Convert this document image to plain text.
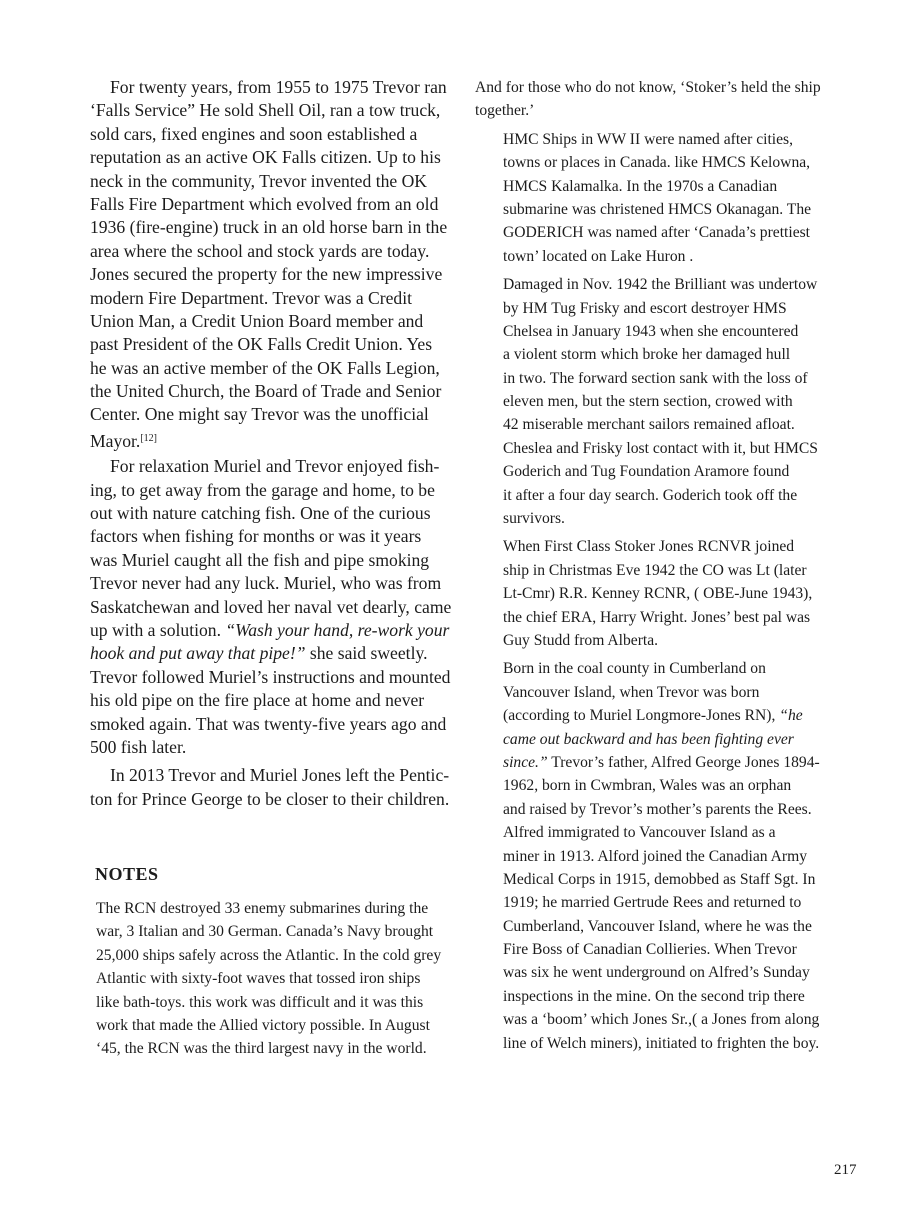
For twenty years, from 1955 to 1975 Trevor ran
‘Falls Service” He sold Shell Oil, ran a tow truck,
sold cars, fixed engines and soon established a
reputation as an active OK Falls citizen. Up to his
neck in the community, Trevor invented the OK
Falls Fire Department which evolved from an old
1936 (fire-engine) truck in an old horse barn in the
area where the school and stock yards are today.
Jones secured the property for the new impressive
modern Fire Department. Trevor was a Credit
Union Man, a Credit Union Board member and
past President of the OK Falls Credit Union. Yes
he was an active member of the OK Falls Legion,
the United Church, the Board of Trade and Senior
Center. One might say Trevor was the unofficial
Mayor.[12]
For relaxation Muriel and Trevor enjoyed fish-
ing, to get away from the garage and home, to be
out with nature catching fish. One of the curious
factors when fishing for months or was it years
was Muriel caught all the fish and pipe smoking
Trevor never had any luck. Muriel, who was from
Saskatchewan and loved her naval vet dearly, came
up with a solution. “Wash your hand, re-work your
hook and put away that pipe!” she said sweetly.
Trevor followed Muriel’s instructions and mounted
his old pipe on the fire place at home and never
smoked again. That was twenty-five years ago and
500 fish later.
In 2013 Trevor and Muriel Jones left the Pentic-
ton for Prince George to be closer to their children.
NOTES
The RCN destroyed 33 enemy submarines during the
war, 3 Italian and 30 German. Canada’s Navy brought
25,000 ships safely across the Atlantic. In the cold grey
Atlantic with sixty-foot waves that tossed iron ships
like bath-toys. this work was difficult and it was this
work that made the Allied victory possible. In August
‘45, the RCN was the third largest navy in the world.
And for those who do not know, ‘Stoker’s held the ship
together.’
HMC Ships in WW II were named after cities,
towns or places in Canada. like HMCS Kelowna,
HMCS Kalamalka. In the 1970s a Canadian
submarine was christened HMCS Okanagan. The
GODERICH was named after ‘Canada’s prettiest
town’ located on Lake Huron .
Damaged in Nov. 1942 the Brilliant was undertow
by HM Tug Frisky and escort destroyer HMS
Chelsea in January 1943 when she encountered
a violent storm which broke her damaged hull
in two. The forward section sank with the loss of
eleven men, but the stern section, crowed with
42 miserable merchant sailors remained afloat.
Cheslea and Frisky lost contact with it, but HMCS
Goderich and Tug Foundation Aramore found
it after a four day search. Goderich took off the
survivors.
When First Class Stoker Jones RCNVR joined
ship in Christmas Eve 1942 the CO was Lt (later
Lt-Cmr) R.R. Kenney RCNR, ( OBE-June 1943),
the chief ERA, Harry Wright. Jones’ best pal was
Guy Studd from Alberta.
Born in the coal county in Cumberland on
Vancouver Island, when Trevor was born
(according to Muriel Longmore-Jones RN), “he
came out backward and has been fighting ever
since.” Trevor’s father, Alfred George Jones 1894-
1962, born in Cwmbran, Wales was an orphan
and raised by Trevor’s mother’s parents the Rees.
Alfred immigrated to Vancouver Island as a
miner in 1913. Alford joined the Canadian Army
Medical Corps in 1915, demobbed as Staff Sgt. In
1919; he married Gertrude Rees and returned to
Cumberland, Vancouver Island, where he was the
Fire Boss of Canadian Collieries. When Trevor
was six he went underground on Alfred’s Sunday
inspections in the mine. On the second trip there
was a ‘boom’ which Jones Sr.,( a Jones from along
line of Welch miners), initiated to frighten the boy.
217
